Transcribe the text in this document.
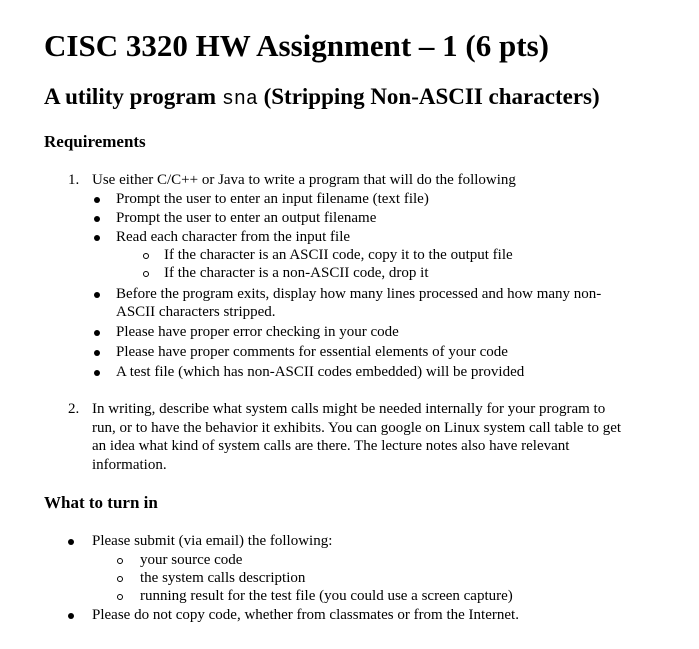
CISC 3320 HW Assignment – 1 (6 pts)
A utility program sna (Stripping Non-ASCII characters)
Requirements
1. Use either C/C++ or Java to write a program that will do the following
Prompt the user to enter an input filename (text file)
Prompt the user to enter an output filename
Read each character from the input file
If the character is an ASCII code, copy it to the output file
If the character is a non-ASCII code, drop it
Before the program exits, display how many lines processed and how many non-
ASCII characters stripped.
Please have proper error checking in your code
Please have proper comments for essential elements of your code
A test file (which has non-ASCII codes embedded) will be provided
2. In writing, describe what system calls might be needed internally for your program to
run, or to have the behavior it exhibits. You can google on Linux system call table to get
an idea what kind of system calls are there. The lecture notes also have relevant
information.
What to turn in
Please submit (via email) the following:
your source code
the system calls description
running result for the test file (you could use a screen capture)
Please do not copy code, whether from classmates or from the Internet.
